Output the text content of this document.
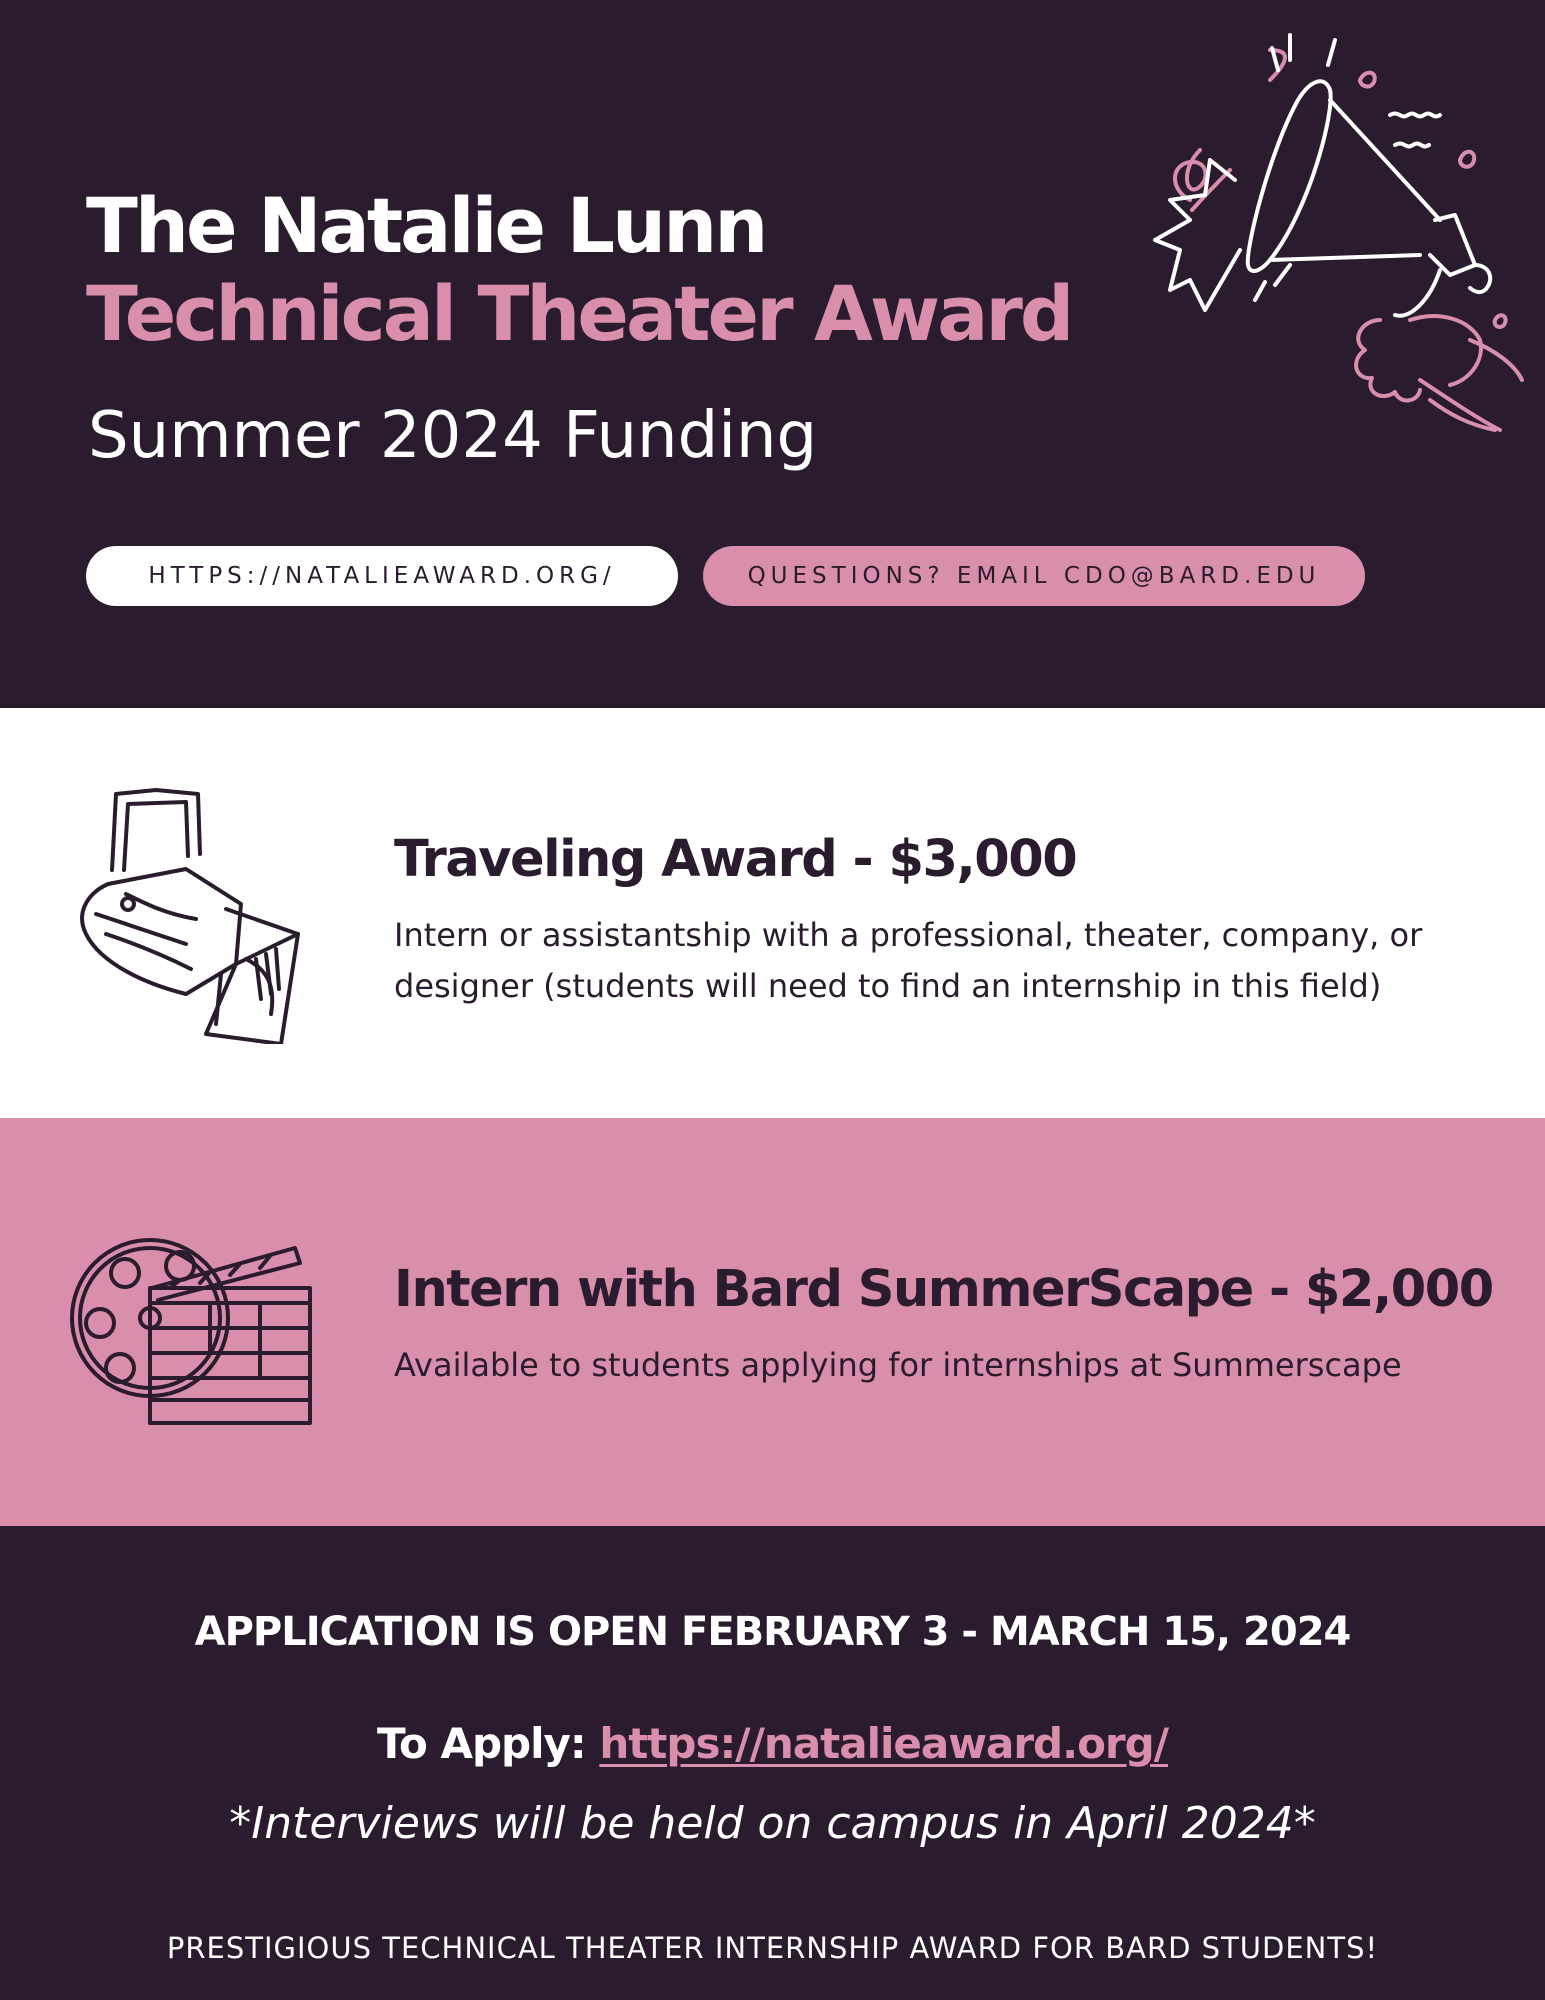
The Natalie Lunn
Technical Theater Award
Summer 2024 Funding
HTTPS://NATALIEAWARD.ORG/	QUESTIONS? EMAIL CDO@BARD.EDU
Traveling Award - $3,000
Intern or assistantship with a professional, theater, company, or designer (students will need to find an internship in this field)
Intern with Bard SummerScape - $2,000
Available to students applying for internships at Summerscape
APPLICATION IS OPEN FEBRUARY 3 - MARCH 15, 2024
To Apply: https://natalieaward.org/
*Interviews will be held on campus in April 2024*
PRESTIGIOUS TECHNICAL THEATER INTERNSHIP AWARD FOR BARD STUDENTS!
